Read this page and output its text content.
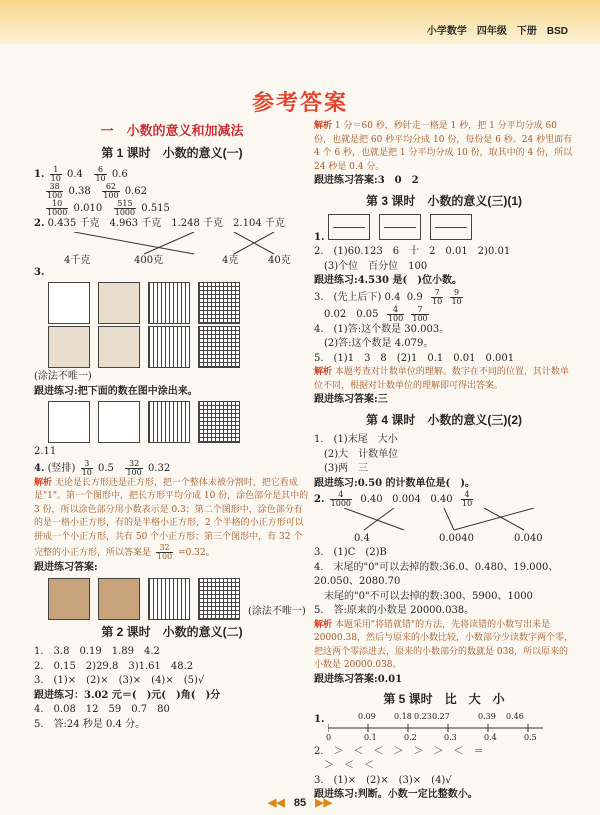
小学数学　四年级　下册　BSD
参考答案
一　小数的意义和加减法
第 1 课时　小数的意义(一)
1. $\frac{1}{10} 0.4 \frac{6}{10} 0.6$
$\frac{38}{100} 0.38 \frac{62}{100} 0.62$
$\frac{10}{1000} 0.010 \frac{515}{1000} 0.515$
2. 0.435 千克　4.963 千克　1.248 千克　2.104 千克
4千克	400克	4克	40克
3.
(涂法不唯一)
跟进练习:把下面的数在图中涂出来。
2.11
4. (竖排) $\frac{3}{10} 0.5 \frac{32}{100} 0.32$
解析 无论是长方形还是正方形，把一个整体未被分割时，把它看成是"1"。第一个图形中，把长方形平均分成 10 份，涂色部分是其中的 3 份，所以涂色部分用小数表示是 0.3；第二个图形中，涂色部分有的是一格小正方形，有的是半格小正方形，2 个半格的小正方形可以拼成一个小正方形，共有 50 个小正方形；第三个图形中，有 32 个完整的小正方形，所以答案是 $\frac{32}{100} =0.32$。
跟进练习答案:
(涂法不唯一)
第 2 课时　小数的意义(二)
1.　3.8　0.19　1.89　4.2
2.　0.15　2)29.8　3)1.61　48.2
3.　(1)×　(2)×　(3)×　(4)×　(5)√
跟进练习：3.02 元＝(　)元(　)角(　)分
4.　0.08　12　59　0.7　80
5.　答:24 秒是 0.4 分。
解析 1 分＝60 秒，秒针走一格是 1 秒，把 1 分平均分成 60 份，也就是把 60 秒平均分成 10 份，每份是 6 秒。24 秒里面有 4 个 6 秒，也就是把 1 分平均分成 10 份，取其中的 4 份，所以 24 秒是 0.4 分。
跟进练习答案:3　0　2
第 3 课时　小数的意义(三)(1)
1.
2.　(1)60.123　6　十　2　0.01　2)0.01
(3)个位　百分位　100
跟进练习:4.530 是(　)位小数。
3.　(先上后下) 0.4 $0.9 \frac{7}{10}$
$\frac{9}{10}$
0.02　$0.05 \frac{4}{100}$
$\frac{7}{100}$
4.　(1)答:这个数是 30.003。
(2)答:这个数是 4.079。
5.　(1)1　3　8　(2)1　0.1　0.01　0.001
解析 本题考查对计数单位的理解。数字在不同的位置，其计数单位不同，根据对计数单位的理解即可得出答案。
跟进练习答案:三
第 4 课时　小数的意义(三)(2)
1.　(1)末尾　大小
(2)大　计数单位
(3)两　三
跟进练习:0.50 的计数单位是(　)。
2. $\frac{4}{1000} 0.40$ 0.004 $0.40 \frac{4}{10}$
0.4	0.0040	0.040
3.　(1)C　(2)B
4.　末尾的"0"可以去掉的数:36.0、0.480、19.000、20.050、2080.70
末尾的"0"不可以去掉的数:300、5900、1000
5.　答:原来的小数是 20000.038。
解析 本题采用"将错就错"的方法，先将读错的小数写出来是 20000.38，然后与原来的小数比较，小数部分少读数字两个零，把这两个零添进去，原来的小数部分的数就是 038，所以原来的小数是 20000.038。
跟进练习答案:0.01
第 5 课时　比　大　小
1.	0.09 0.18 0.23 0.27	0.39 0.46
0	0.1	0.2	0.3	0.4	0.5
2.　＞　＜　＜　＞　＞　＞　＜　＝
＞　＜　＜
3.　(1)×　(2)×　(3)×　(4)√
跟进练习:判断。小数一定比整数小。
◀◀ 85 ▶▶
